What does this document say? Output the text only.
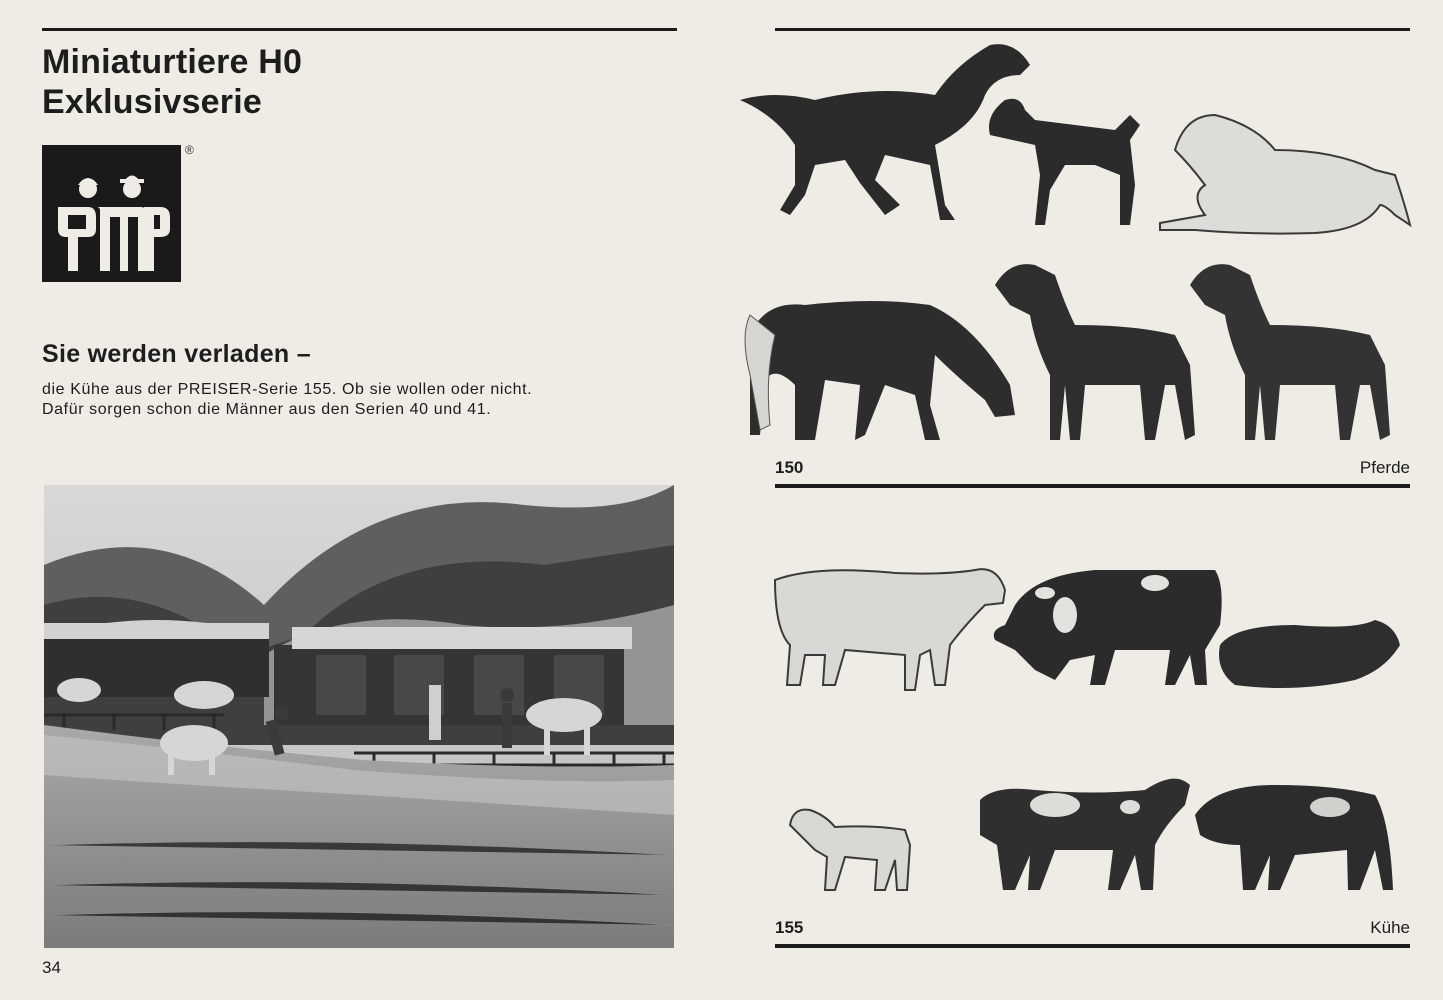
Miniaturtiere H0
Exklusivserie
®
Sie werden verladen –
die Kühe aus der PREISER-Serie 155. Ob sie wollen oder nicht.
Dafür sorgen schon die Männer aus den Serien 40 und 41.
34
150	Pferde
155	Kühe
